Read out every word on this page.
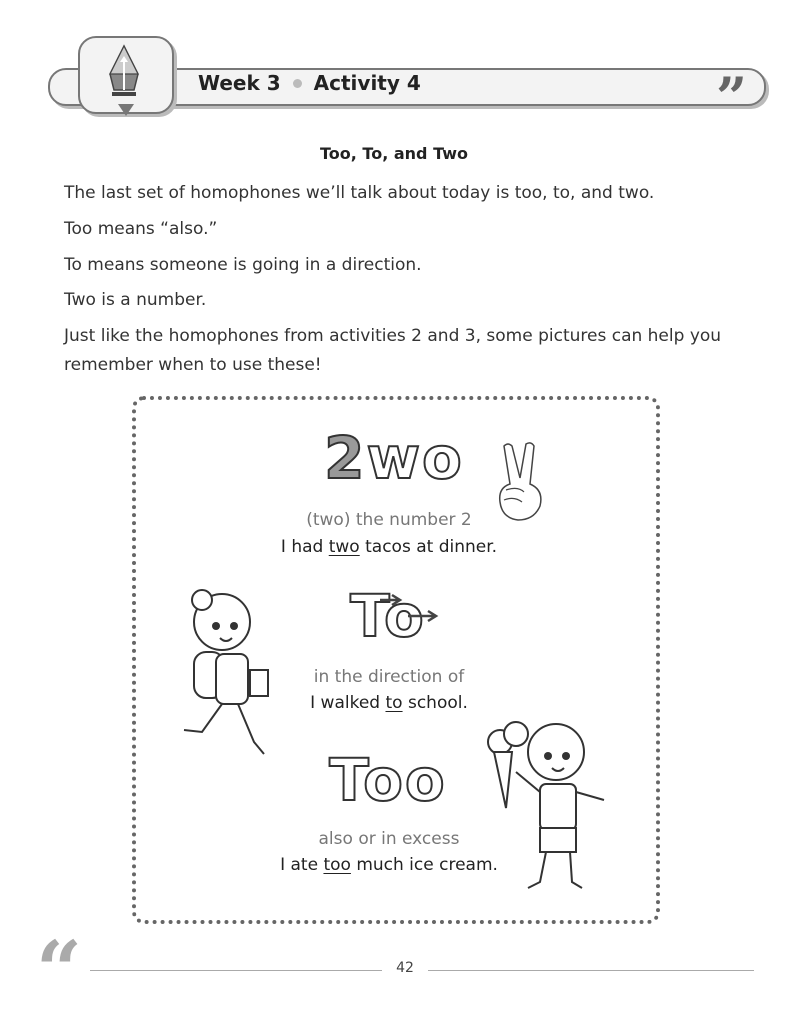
Week 3 Activity 4	”
Too, To, and Two
The last set of homophones we’ll talk about today is too, to, and two.
Too means “also.”
To means someone is going in a direction.
Two is a number.
Just like the homophones from activities 2 and 3, some pictures can help you remember when to use these!
2wo
(two) the number 2
I had two tacos at dinner.
To
in the direction of
I walked to school.
Too
also or in excess
I ate too much ice cream.
“	42
